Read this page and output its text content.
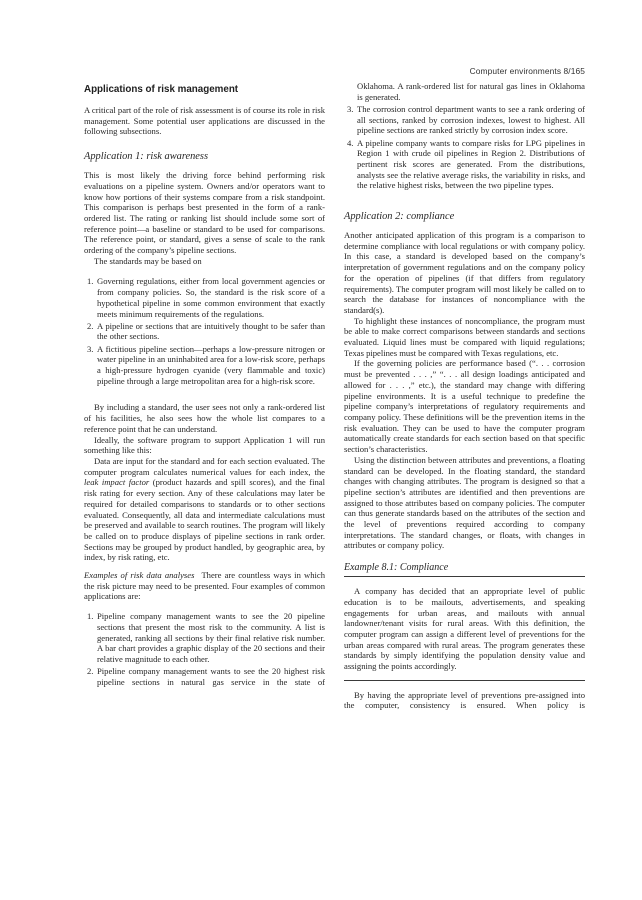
Computer environments 8/165
Applications of risk management

A critical part of the role of risk assessment is of course its role in risk management. Some potential user applications are discussed in the following subsections.

Application 1: risk awareness

This is most likely the driving force behind performing risk evaluations on a pipeline system. Owners and/or operators want to know how portions of their systems compare from a risk standpoint. This comparison is perhaps best presented in the form of a rank-ordered list. The rating or ranking list should include some sort of reference point—a baseline or standard to be used for comparisons. The reference point, or standard, gives a sense of scale to the rank ordering of the company’s pipeline sections.

The standards may be based on

1. Governing regulations, either from local government agencies or from company policies. So, the standard is the risk score of a hypothetical pipeline in some common environment that exactly meets minimum requirements of the regulations.
2. A pipeline or sections that are intuitively thought to be safer than the other sections.
3. A fictitious pipeline section—perhaps a low-pressure nitrogen or water pipeline in an uninhabited area for a low-risk score, perhaps a high-pressure hydrogen cyanide (very flammable and toxic) pipeline through a large metropolitan area for a high-risk score.

By including a standard, the user sees not only a rank-ordered list of his facilities, he also sees how the whole list compares to a reference point that he can understand.

Ideally, the software program to support Application 1 will run something like this:

Data are input for the standard and for each section evaluated. The computer program calculates numerical values for each index, the leak impact factor (product hazards and spill scores), and the final risk rating for every section. Any of these calculations may later be required for detailed comparisons to standards or to other sections evaluated. Consequently, all data and intermediate calculations must be preserved and available to search routines. The program will likely be called on to produce displays of pipeline sections in rank order. Sections may be grouped by product handled, by geographic area, by index, by risk rating, etc.

Examples of risk data analyses There are countless ways in which the risk picture may need to be presented. Four examples of common applications are:

1. Pipeline company management wants to see the 20 pipeline sections that present the most risk to the community. A list is generated, ranking all sections by their final relative risk number. A bar chart provides a graphic display of the 20 sections and their relative magnitude to each other.
2. Pipeline company management wants to see the 20 highest risk pipeline sections in natural gas service in the state of
Oklahoma. A rank-ordered list for natural gas lines in Oklahoma is generated.
3. The corrosion control department wants to see a rank ordering of all sections, ranked by corrosion indexes, lowest to highest. All pipeline sections are ranked strictly by corrosion index score.
4. A pipeline company wants to compare risks for LPG pipelines in Region 1 with crude oil pipelines in Region 2. Distributions of pertinent risk scores are generated. From the distributions, analysts see the relative average risks, the variability in risks, and the relative highest risks, between the two pipeline types.
Application 2: compliance

Another anticipated application of this program is a comparison to determine compliance with local regulations or with company policy. In this case, a standard is developed based on the company’s interpretation of government regulations and on the company policy for the operation of pipelines (if that differs from regulatory requirements). The computer program will most likely be called on to search the database for instances of noncompliance with the standard(s).

To highlight these instances of noncompliance, the program must be able to make correct comparisons between standards and sections evaluated. Liquid lines must be compared with liquid regulations; Texas pipelines must be compared with Texas regulations, etc.

If the governing policies are performance based (“. . . corrosion must be prevented . . . ,” “. . . all design loadings anticipated and allowed for . . . ,” etc.), the standard may change with differing pipeline environments. It is a useful technique to predefine the pipeline company’s interpretations of regulatory requirements and company policy. These definitions will be the prevention items in the risk evaluation. They can be used to have the computer program automatically create standards for each section based on that specific section’s characteristics.

Using the distinction between attributes and preventions, a floating standard can be developed. In the floating standard, the standard changes with changing attributes. The program is designed so that a pipeline section’s attributes are identified and then preventions are assigned to those attributes based on company policies. The computer can thus generate standards based on the attributes of the section and the level of preventions required according to company interpretations. The standard changes, or floats, with changes in attributes or company policy.

Example 8.1: Compliance

A company has decided that an appropriate level of public education is to be mailouts, advertisements, and speaking engagements for urban areas, and mailouts with annual landowner/tenant visits for rural areas. With this definition, the computer program can assign a different level of preventions for the urban areas compared with rural areas. The program generates these standards by simply identifying the population density value and assigning the points accordingly.

By having the appropriate level of preventions pre-assigned into the computer, consistency is ensured. When policy is
